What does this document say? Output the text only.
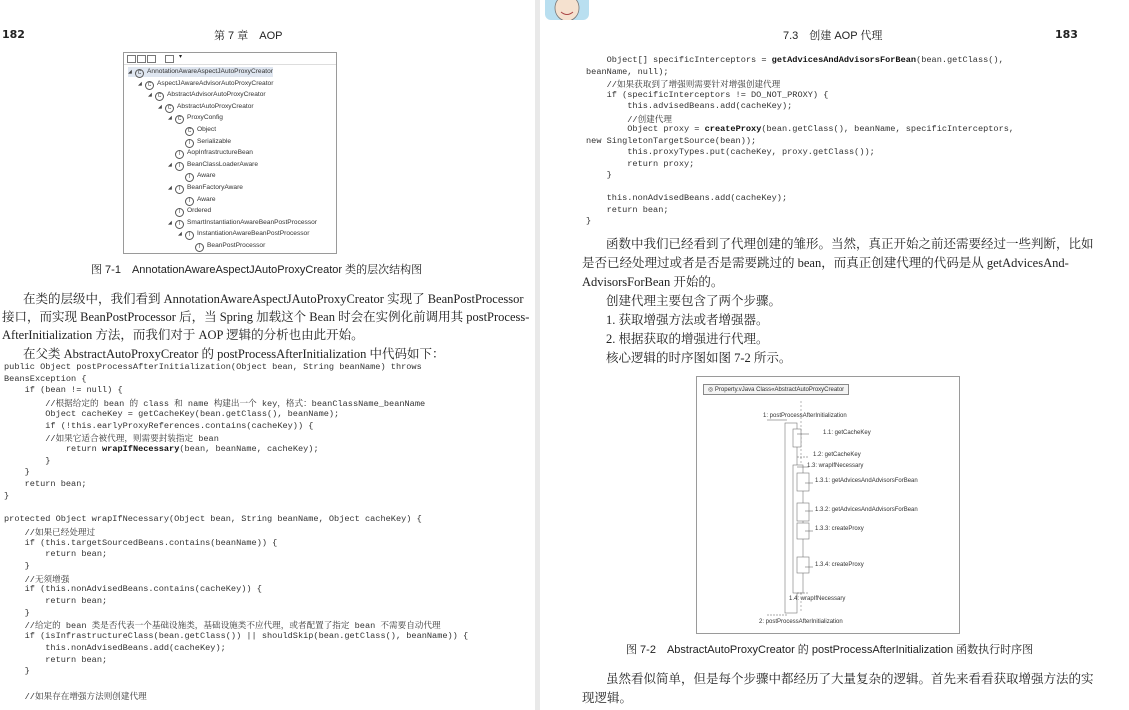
182	第 7 章　AOP
▾
◢ C AnnotationAwareAspectJAutoProxyCreator
◢ C AspectJAwareAdvisorAutoProxyCreator
◢ C AbstractAdvisorAutoProxyCreator
◢ C AbstractAutoProxyCreator
◢ C ProxyConfig
C Object
I Serializable
I AopInfrastructureBean
◢ I BeanClassLoaderAware
I Aware
◢ I BeanFactoryAware
I Aware
I Ordered
◢ I SmartInstantiationAwareBeanPostProcessor
◢ I InstantiationAwareBeanPostProcessor
I BeanPostProcessor
图 7-1　AnnotationAwareAspectJAutoProxyCreator 类的层次结构图
在类的层级中，我们看到 AnnotationAwareAspectJAutoProxyCreator 实现了 BeanPostProcessor
接口，而实现 BeanPostProcessor 后，当 Spring 加载这个 Bean 时会在实例化前调用其 postProcess-
AfterInitialization 方法，而我们对于 AOP 逻辑的分析也由此开始。
在父类 AbstractAutoProxyCreator 的 postProcessAfterInitialization 中代码如下：
public Object postProcessAfterInitialization(Object bean, String beanName) throws
BeansException {
if (bean != null) {
//根据给定的 bean 的 class 和 name 构建出一个 key，格式：beanClassName_beanName
Object cacheKey = getCacheKey(bean.getClass(), beanName);
if (!this.earlyProxyReferences.contains(cacheKey)) {
//如果它适合被代理，则需要封装指定 bean
return wrapIfNecessary(bean, beanName, cacheKey);
}
}
return bean;
}
protected Object wrapIfNecessary(Object bean, String beanName, Object cacheKey) {
//如果已经处理过
if (this.targetSourcedBeans.contains(beanName)) {
return bean;
}
//无须增强
if (this.nonAdvisedBeans.contains(cacheKey)) {
return bean;
}
//给定的 bean 类是否代表一个基础设施类，基础设施类不应代理，或者配置了指定 bean 不需要自动代理
if (isInfrastructureClass(bean.getClass()) || shouldSkip(bean.getClass(), beanName)) {
this.nonAdvisedBeans.add(cacheKey);
return bean;
}
//如果存在增强方法则创建代理
7.3　创建 AOP 代理	183
Object[] specificInterceptors = getAdvicesAndAdvisorsForBean(bean.getClass(),
beanName, null);
//如果获取到了增强则需要针对增强创建代理
if (specificInterceptors != DO_NOT_PROXY) {
this.advisedBeans.add(cacheKey);
//创建代理
Object proxy = createProxy(bean.getClass(), beanName, specificInterceptors,
new SingletonTargetSource(bean));
this.proxyTypes.put(cacheKey, proxy.getClass());
return proxy;
}
this.nonAdvisedBeans.add(cacheKey);
return bean;
}
函数中我们已经看到了代理创建的雏形。当然，真正开始之前还需要经过一些判断，比如
是否已经处理过或者是否是需要跳过的 bean，而真正创建代理的代码是从 getAdvicesAnd-
AdvisorsForBean 开始的。
创建代理主要包含了两个步骤。
1. 获取增强方法或者增强器。
2. 根据获取的增强进行代理。
核心逻辑的时序图如图 7-2 所示。
◎ Property.vJava Class«AbstractAutoProxyCreator
1: postProcessAfterInitialization
1.1: getCacheKey
1.2: getCacheKey
1.3: wrapIfNecessary
1.3.1: getAdvicesAndAdvisorsForBean
1.3.2: getAdvicesAndAdvisorsForBean
1.3.3: createProxy
1.3.4: createProxy
1.4: wrapIfNecessary
2: postProcessAfterInitialization
图 7-2　AbstractAutoProxyCreator 的 postProcessAfterInitialization 函数执行时序图
虽然看似简单，但是每个步骤中都经历了大量复杂的逻辑。首先来看看获取增强方法的实
现逻辑。
